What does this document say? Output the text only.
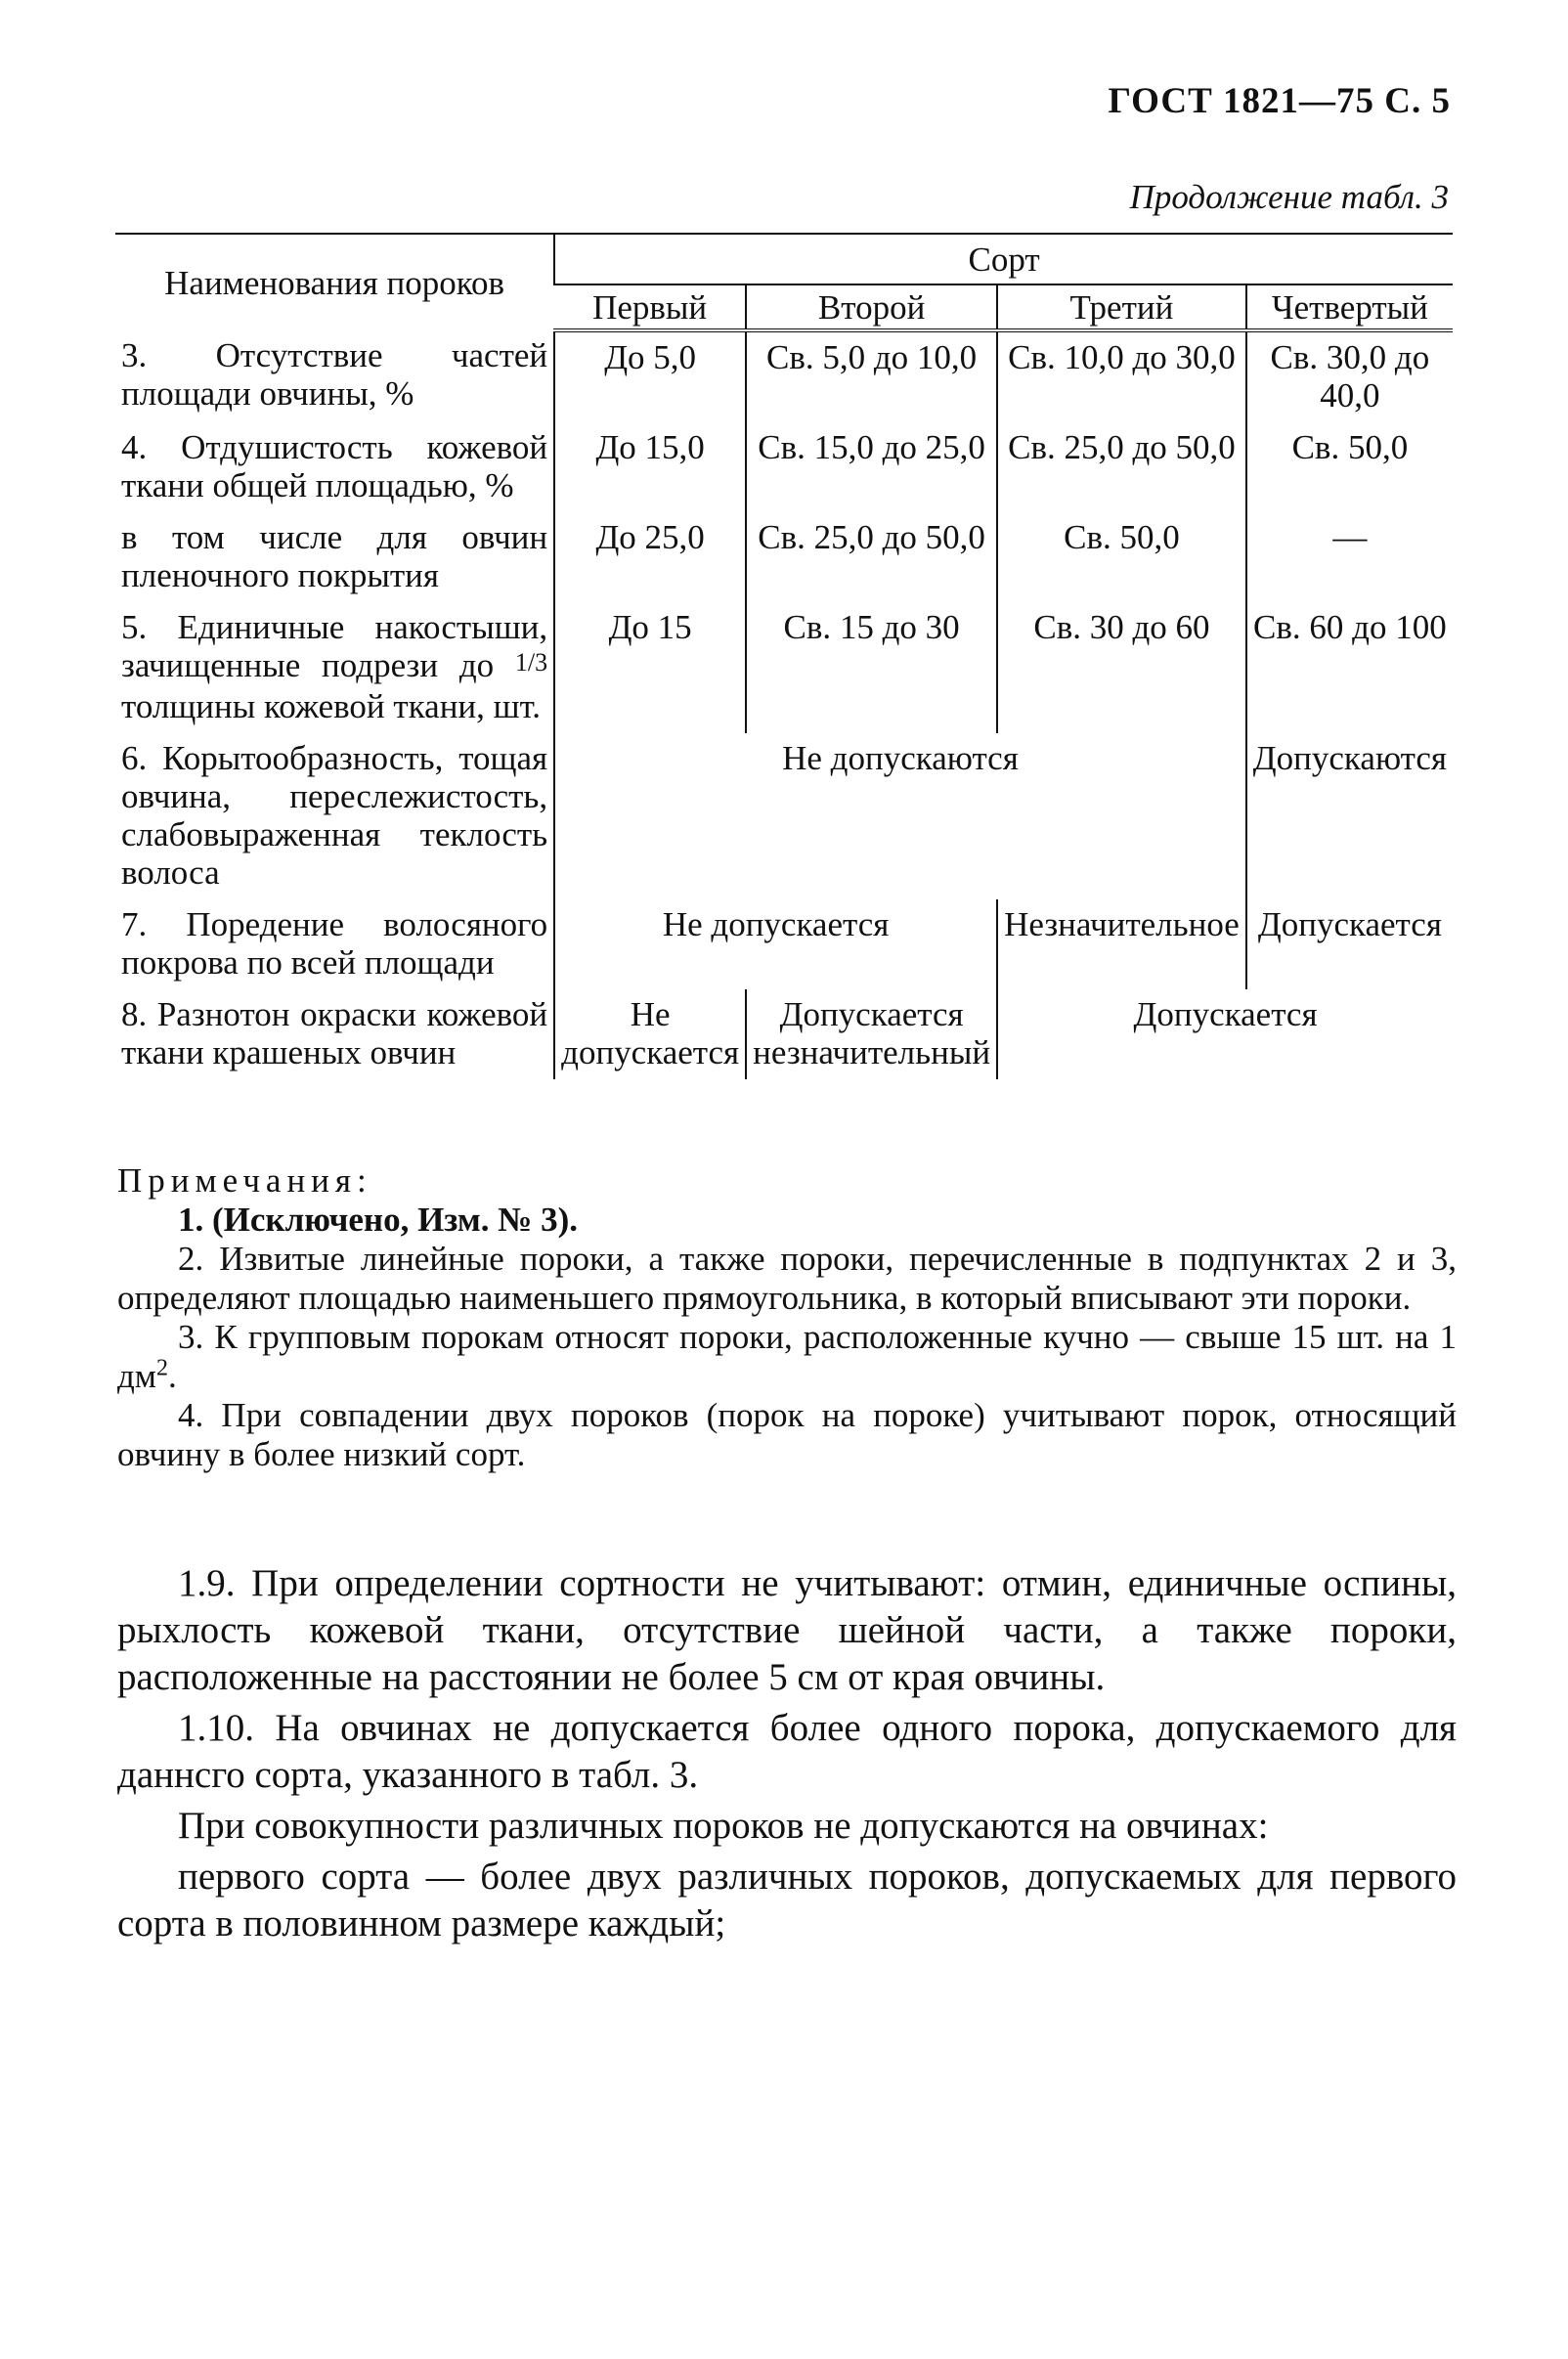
ГОСТ 1821—75 С. 5
Продолжение табл. 3
Наименования пороков	Сорт			
	Первый	Второй	Третий	Четвертый
3. Отсутствие частей площади овчины, %	До 5,0	Св. 5,0 до 10,0	Св. 10,0 до 30,0	Св. 30,0 до 40,0
4. Отдушистость кожевой ткани общей площадью, %	До 15,0	Св. 15,0 до 25,0	Св. 25,0 до 50,0	Св. 50,0
в том числе для овчин пленочного покрытия	До 25,0	Св. 25,0 до 50,0	Св. 50,0	—
5. Единичные накостыши, зачищенные подрези до 1/3 толщины кожевой ткани, шт.	До 15	Св. 15 до 30	Св. 30 до 60	Св. 60 до 100
6. Корытообразность, тощая овчина, переслежистость, слабовыраженная теклость волоса	Не допускаются			Допускаются
7. Поредение волосяного покрова по всей площади	Не допускается		Незначительное	Допускается
8. Разнотон окраски кожевой ткани крашеных овчин	Не допускается	Допускается незначительный	Допускается	
Примечания:

1. (Исключено, Изм. № 3).

2. Извитые линейные пороки, а также пороки, перечисленные в подпунктах 2 и 3, определяют площадью наименьшего прямоугольника, в который вписывают эти пороки.

3. К групповым порокам относят пороки, расположенные кучно — свыше 15 шт. на 1 $дм^2$.

4. При совпадении двух пороков (порок на пороке) учитывают порок, относящий овчину в более низкий сорт.

1.9. При определении сортности не учитывают: отмин, единичные оспины, рыхлость кожевой ткани, отсутствие шейной части, а также пороки, расположенные на расстоянии не более 5 см от края овчины.

1.10. На овчинах не допускается более одного порока, допускаемого для даннсго сорта, указанного в табл. 3.

При совокупности различных пороков не допускаются на овчинах:

первого сорта — более двух различных пороков, допускаемых для первого сорта в половинном размере каждый;
